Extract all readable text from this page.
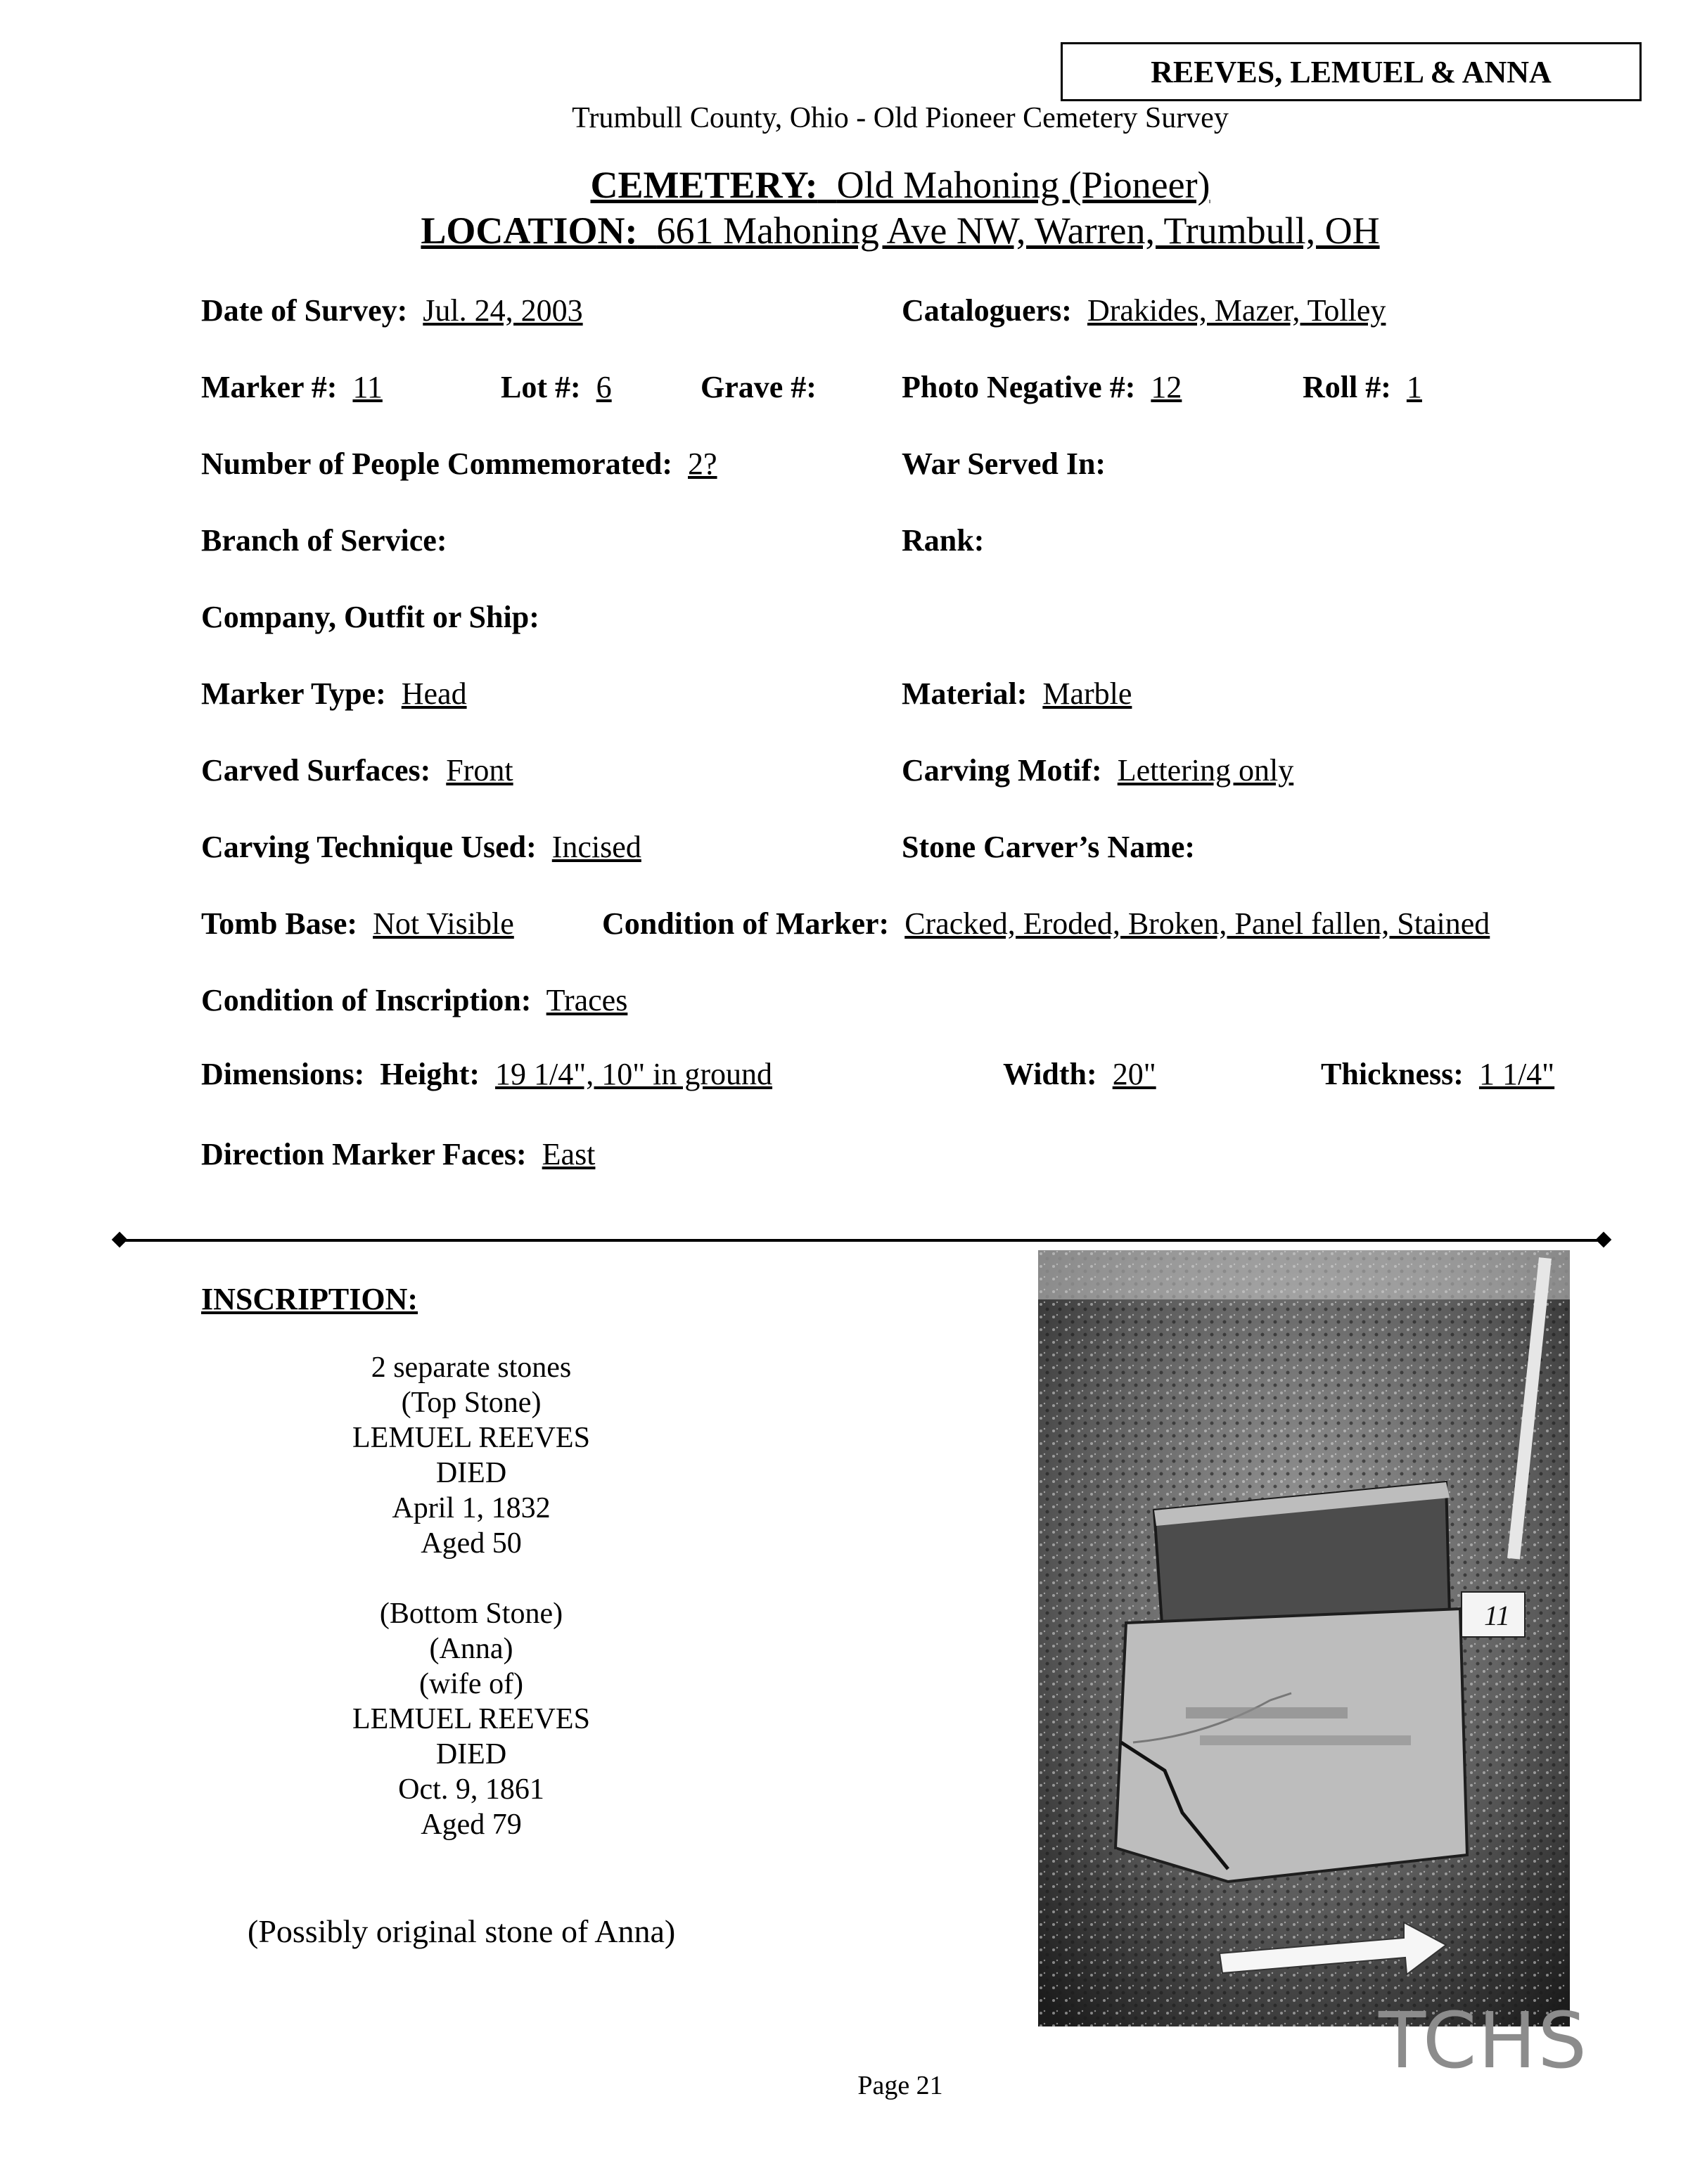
REEVES, LEMUEL & ANNA
Trumbull County, Ohio - Old Pioneer Cemetery Survey
CEMETERY: Old Mahoning (Pioneer)
LOCATION: 661 Mahoning Ave NW, Warren, Trumbull, OH
Date of Survey: Jul. 24, 2003	Cataloguers: Drakides, Mazer, Tolley
Marker #: 11	Lot #: 6	Grave #:	Photo Negative #: 12	Roll #: 1
Number of People Commemorated: 2?	War Served In:
Branch of Service:	Rank:
Company, Outfit or Ship:
Marker Type: Head	Material: Marble
Carved Surfaces: Front	Carving Motif: Lettering only
Carving Technique Used: Incised	Stone Carver’s Name:
Tomb Base: Not Visible	Condition of Marker: Cracked, Eroded, Broken, Panel fallen, Stained
Condition of Inscription: Traces
Dimensions: Height: 19 1/4", 10" in ground	Width: 20"	Thickness: 1 1/4"
Direction Marker Faces: East
INSCRIPTION:
2 separate stones
(Top Stone)
LEMUEL REEVES
DIED
April 1, 1832
Aged 50
(Bottom Stone)
(Anna)
(wife of)
LEMUEL REEVES
DIED
Oct. 9, 1861
Aged 79
(Possibly original stone of Anna)
11
TCHS
Page 21
